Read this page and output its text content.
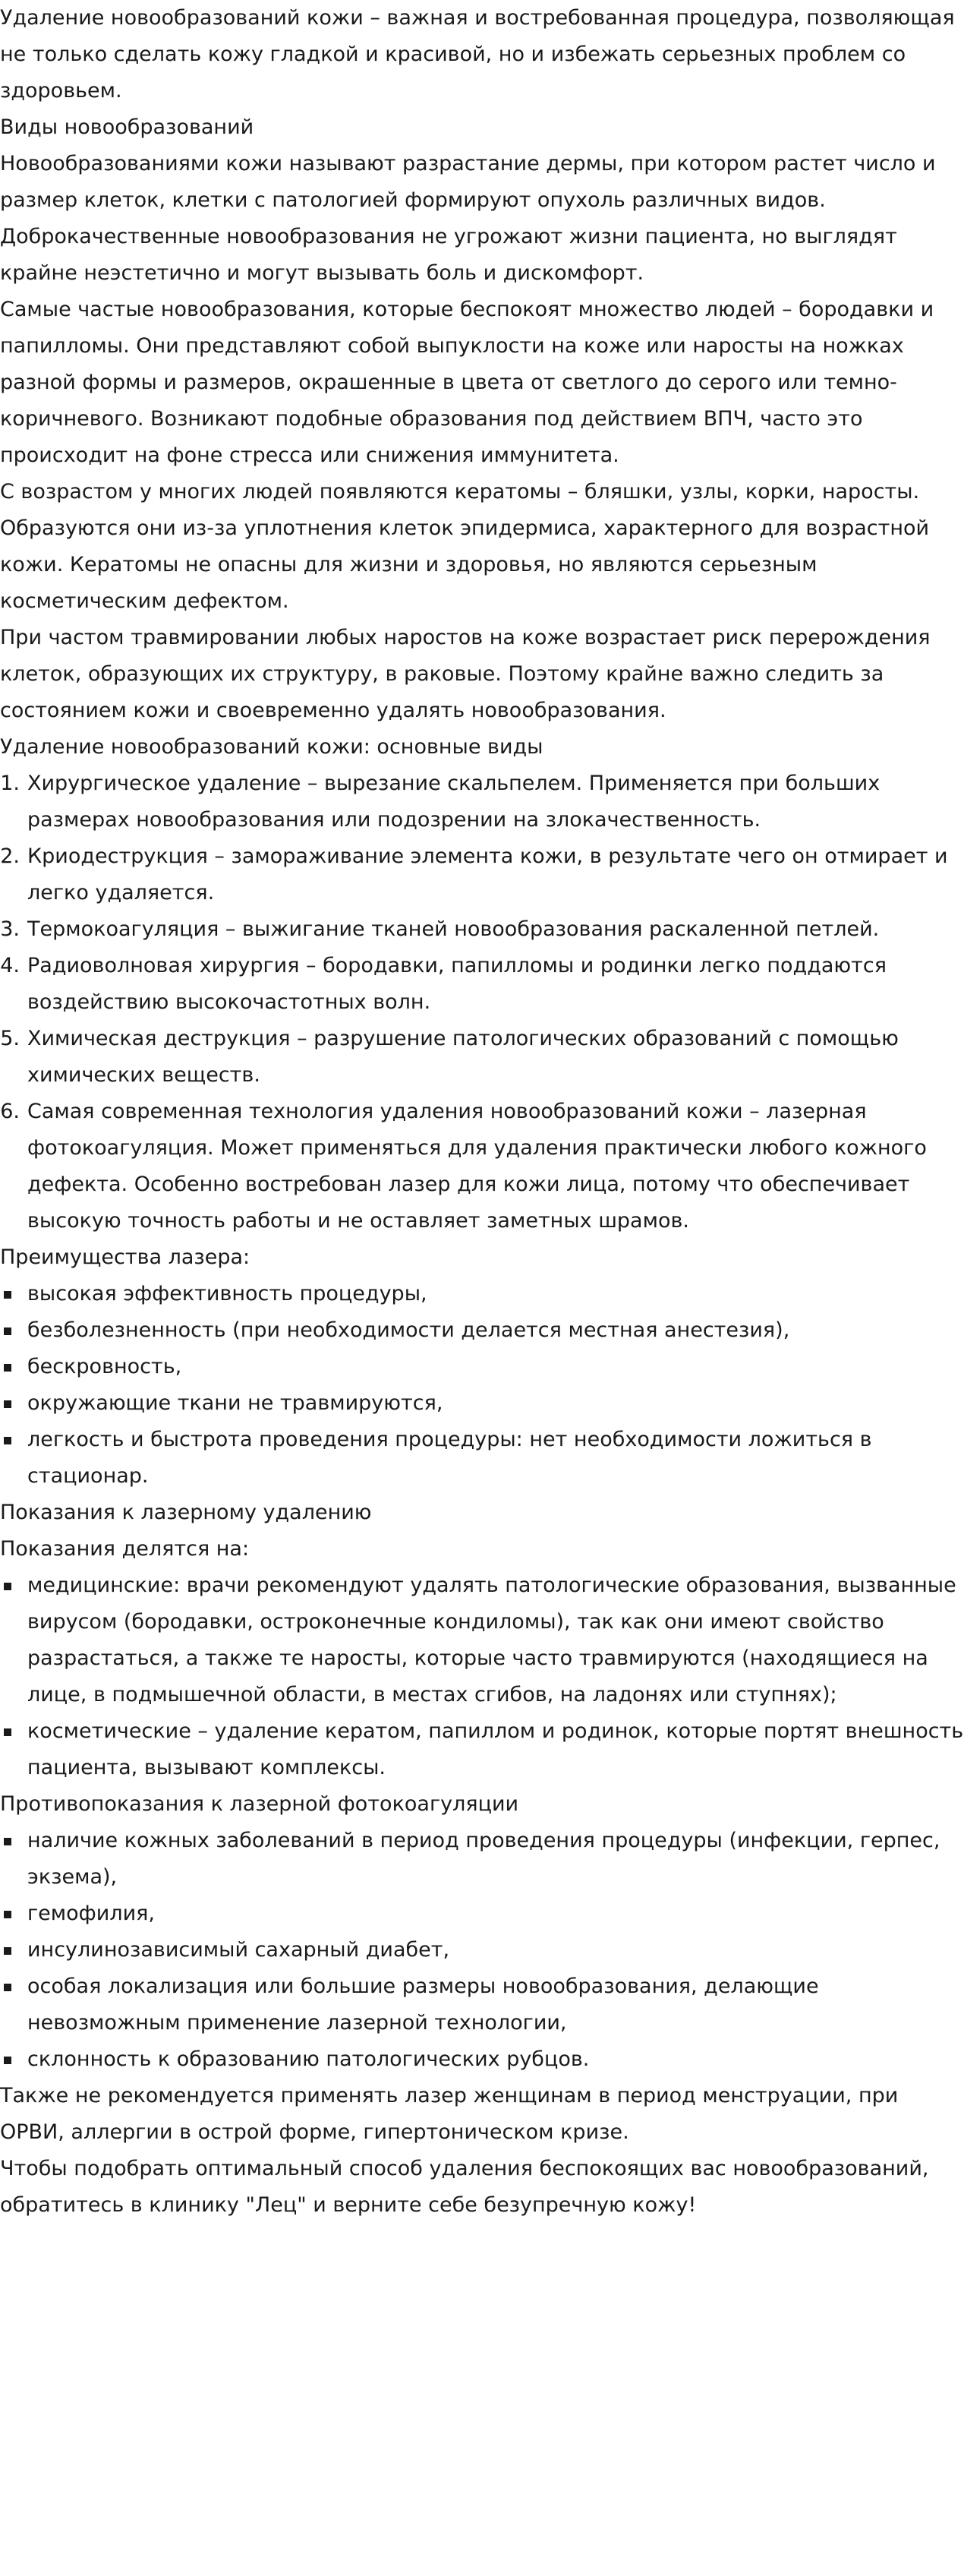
Удаление новообразований кожи – важная и востребованная процедура, позволяющая не только сделать кожу гладкой и красивой, но и избежать серьезных проблем со здоровьем.

Виды новообразований

Новообразованиями кожи называют разрастание дермы, при котором растет число и размер клеток, клетки с патологией формируют опухоль различных видов. Доброкачественные новообразования не угрожают жизни пациента, но выглядят крайне неэстетично и могут вызывать боль и дискомфорт.

Самые частые новообразования, которые беспокоят множество людей – бородавки и папилломы. Они представляют собой выпуклости на коже или наросты на ножках разной формы и размеров, окрашенные в цвета от светлого до серого или темно-коричневого. Возникают подобные образования под действием ВПЧ, часто это происходит на фоне стресса или снижения иммунитета.

С возрастом у многих людей появляются кератомы – бляшки, узлы, корки, наросты. Образуются они из-за уплотнения клеток эпидермиса, характерного для возрастной кожи. Кератомы не опасны для жизни и здоровья, но являются серьезным косметическим дефектом.

При частом травмировании любых наростов на коже возрастает риск перерождения клеток, образующих их структуру, в раковые. Поэтому крайне важно следить за состоянием кожи и своевременно удалять новообразования.

Удаление новообразований кожи: основные виды

Хирургическое удаление – вырезание скальпелем. Применяется при больших размерах новообразования или подозрении на злокачественность.
Криодеструкция – замораживание элемента кожи, в результате чего он отмирает и легко удаляется.
Термокоагуляция – выжигание тканей новообразования раскаленной петлей.
Радиоволновая хирургия – бородавки, папилломы и родинки легко поддаются воздействию высокочастотных волн.
Химическая деструкция – разрушение патологических образований с помощью химических веществ.
Самая современная технология удаления новообразований кожи – лазерная фотокоагуляция. Может применяться для удаления практически любого кожного дефекта. Особенно востребован лазер для кожи лица, потому что обеспечивает высокую точность работы и не оставляет заметных шрамов.

Преимущества лазера:

высокая эффективность процедуры,
безболезненность (при необходимости делается местная анестезия),
бескровность,
окружающие ткани не травмируются,
легкость и быстрота проведения процедуры: нет необходимости ложиться в стационар.

Показания к лазерному удалению

Показания делятся на:

медицинские: врачи рекомендуют удалять патологические образования, вызванные вирусом (бородавки, остроконечные кондиломы), так как они имеют свойство разрастаться, а также те наросты, которые часто травмируются (находящиеся на лице, в подмышечной области, в местах сгибов, на ладонях или ступнях);
косметические – удаление кератом, папиллом и родинок, которые портят внешность пациента, вызывают комплексы.

Противопоказания к лазерной фотокоагуляции

наличие кожных заболеваний в период проведения процедуры (инфекции, герпес, экзема),
гемофилия,
инсулинозависимый сахарный диабет,
особая локализация или большие размеры новообразования, делающие невозможным применение лазерной технологии,
склонность к образованию патологических рубцов.

Также не рекомендуется применять лазер женщинам в период менструации, при ОРВИ, аллергии в острой форме, гипертоническом кризе.

Чтобы подобрать оптимальный способ удаления беспокоящих вас новообразований, обратитесь в клинику "Лец" и верните себе безупречную кожу!
